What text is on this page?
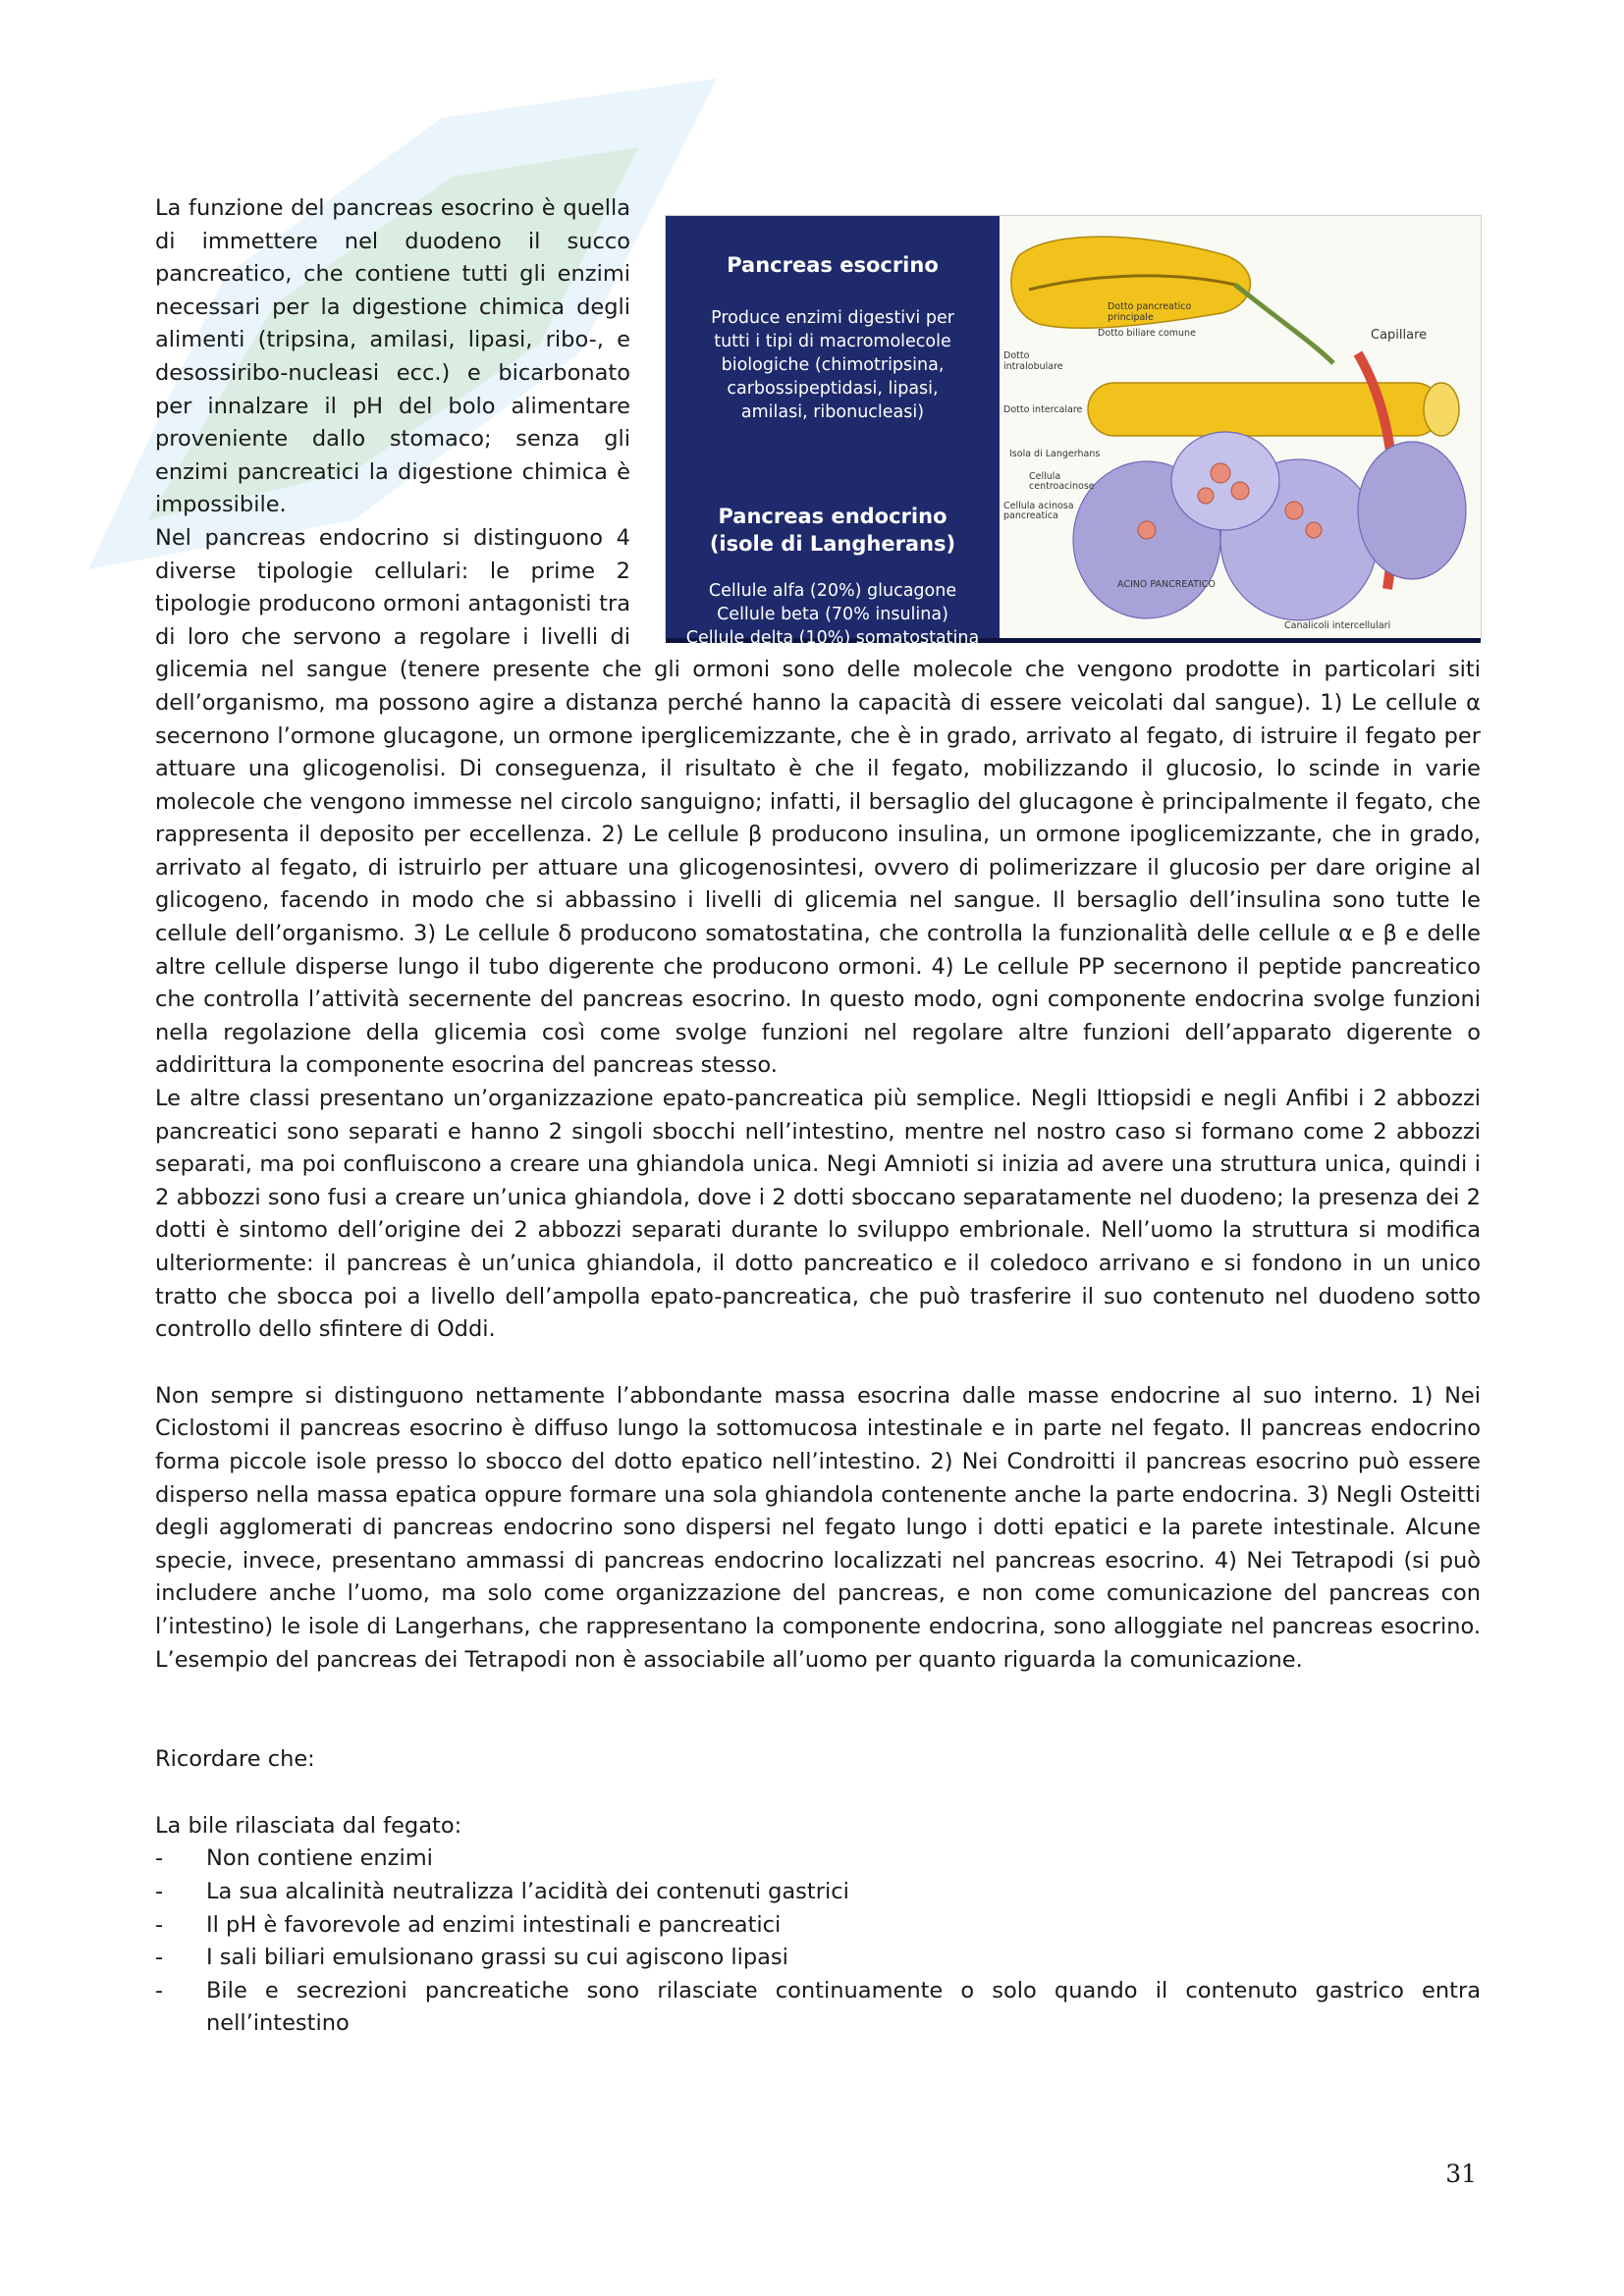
Pancreas esocrino
Produce enzimi digestivi per
tutti i tipi di macromolecole
biologiche (chimotripsina,
carbossipeptidasi, lipasi,
amilasi, ribonucleasi)
Pancreas endocrino
(isole di Langherans)
Cellule alfa (20%) glucagone
Cellule beta (70% insulina)
Cellule delta (10%) somatostatina
Dotto pancreatico
principale
Dotto biliare comune	Capillare
Dotto
intralobulare
Dotto intercalare
Isola di Langerhans
Cellula
centroacinose
Cellula acinosa
pancreatica
ACINO PANCREATICO
Canalicoli intercellulari

La funzione del pancreas esocrino è quella di immettere nel duodeno il succo pancreatico, che contiene tutti gli enzimi necessari per la digestione chimica degli alimenti (tripsina, amilasi, lipasi, ribo-, e desossiribo-nucleasi ecc.) e bicarbonato per innalzare il pH del bolo alimentare proveniente dallo stomaco; senza gli enzimi pancreatici la digestione chimica è impossibile.

Nel pancreas endocrino si distinguono 4 diverse tipologie cellulari: le prime 2 tipologie producono ormoni antagonisti tra di loro che servono a regolare i livelli di glicemia nel sangue (tenere presente che gli ormoni sono delle molecole che vengono prodotte in particolari siti dell’organismo, ma possono agire a distanza perché hanno la capacità di essere veicolati dal sangue). 1) Le cellule α secernono l’ormone glucagone, un ormone iperglicemizzante, che è in grado, arrivato al fegato, di istruire il fegato per attuare una glicogenolisi. Di conseguenza, il risultato è che il fegato, mobilizzando il glucosio, lo scinde in varie molecole che vengono immesse nel circolo sanguigno; infatti, il bersaglio del glucagone è principalmente il fegato, che rappresenta il deposito per eccellenza. 2) Le cellule β producono insulina, un ormone ipoglicemizzante, che in grado, arrivato al fegato, di istruirlo per attuare una glicogenosintesi, ovvero di polimerizzare il glucosio per dare origine al glicogeno, facendo in modo che si abbassino i livelli di glicemia nel sangue. Il bersaglio dell’insulina sono tutte le cellule dell’organismo. 3) Le cellule δ producono somatostatina, che controlla la funzionalità delle cellule α e β e delle altre cellule disperse lungo il tubo digerente che producono ormoni. 4) Le cellule PP secernono il peptide pancreatico che controlla l’attività secernente del pancreas esocrino. In questo modo, ogni componente endocrina svolge funzioni nella regolazione della glicemia così come svolge funzioni nel regolare altre funzioni dell’apparato digerente o addirittura la componente esocrina del pancreas stesso.

Le altre classi presentano un’organizzazione epato-pancreatica più semplice. Negli Ittiopsidi e negli Anfibi i 2 abbozzi pancreatici sono separati e hanno 2 singoli sbocchi nell’intestino, mentre nel nostro caso si formano come 2 abbozzi separati, ma poi confluiscono a creare una ghiandola unica. Negi Amnioti si inizia ad avere una struttura unica, quindi i 2 abbozzi sono fusi a creare un’unica ghiandola, dove i 2 dotti sboccano separatamente nel duodeno; la presenza dei 2 dotti è sintomo dell’origine dei 2 abbozzi separati durante lo sviluppo embrionale. Nell’uomo la struttura si modifica ulteriormente: il pancreas è un’unica ghiandola, il dotto pancreatico e il coledoco arrivano e si fondono in un unico tratto che sbocca poi a livello dell’ampolla epato-pancreatica, che può trasferire il suo contenuto nel duodeno sotto controllo dello sfintere di Oddi.

Non sempre si distinguono nettamente l’abbondante massa esocrina dalle masse endocrine al suo interno. 1) Nei Ciclostomi il pancreas esocrino è diffuso lungo la sottomucosa intestinale e in parte nel fegato. Il pancreas endocrino forma piccole isole presso lo sbocco del dotto epatico nell’intestino. 2) Nei Condroitti il pancreas esocrino può essere disperso nella massa epatica oppure formare una sola ghiandola contenente anche la parte endocrina. 3) Negli Osteitti degli agglomerati di pancreas endocrino sono dispersi nel fegato lungo i dotti epatici e la parete intestinale. Alcune specie, invece, presentano ammassi di pancreas endocrino localizzati nel pancreas esocrino. 4) Nei Tetrapodi (si può includere anche l’uomo, ma solo come organizzazione del pancreas, e non come comunicazione del pancreas con l’intestino) le isole di Langerhans, che rappresentano la componente endocrina, sono alloggiate nel pancreas esocrino. L’esempio del pancreas dei Tetrapodi non è associabile all’uomo per quanto riguarda la comunicazione.

Ricordare che:

La bile rilasciata dal fegato:

- Non contiene enzimi
- La sua alcalinità neutralizza l’acidità dei contenuti gastrici
- Il pH è favorevole ad enzimi intestinali e pancreatici
- I sali biliari emulsionano grassi su cui agiscono lipasi
- Bile e secrezioni pancreatiche sono rilasciate continuamente o solo quando il contenuto gastrico entra nell’intestino
31
